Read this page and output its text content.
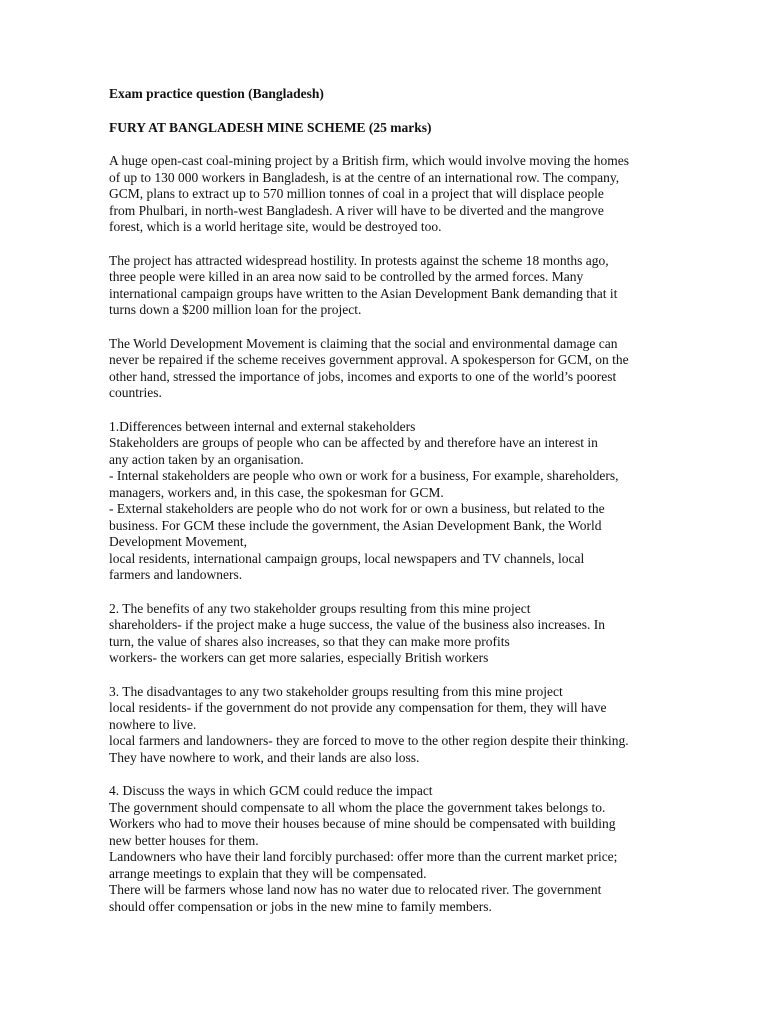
Exam practice question (Bangladesh)
FURY AT BANGLADESH MINE SCHEME (25 marks)
A huge open-cast coal-mining project by a British firm, which would involve moving the homes
of up to 130 000 workers in Bangladesh, is at the centre of an international row. The company,
GCM, plans to extract up to 570 million tonnes of coal in a project that will displace people
from Phulbari, in north-west Bangladesh. A river will have to be diverted and the mangrove
forest, which is a world heritage site, would be destroyed too.
The project has attracted widespread hostility. In protests against the scheme 18 months ago,
three people were killed in an area now said to be controlled by the armed forces. Many
international campaign groups have written to the Asian Development Bank demanding that it
turns down a $200 million loan for the project.
The World Development Movement is claiming that the social and environmental damage can
never be repaired if the scheme receives government approval. A spokesperson for GCM, on the
other hand, stressed the importance of jobs, incomes and exports to one of the world’s poorest
countries.
1.Differences between internal and external stakeholders
Stakeholders are groups of people who can be affected by and therefore have an interest in
any action taken by an organisation.
- Internal stakeholders are people who own or work for a business, For example, shareholders,
managers, workers and, in this case, the spokesman for GCM.
- External stakeholders are people who do not work for or own a business, but related to the
business. For GCM these include the government, the Asian Development Bank, the World
Development Movement,
local residents, international campaign groups, local newspapers and TV channels, local
farmers and landowners.
2. The benefits of any two stakeholder groups resulting from this mine project
shareholders- if the project make a huge success, the value of the business also increases. In
turn, the value of shares also increases, so that they can make more profits
workers- the workers can get more salaries, especially British workers
3. The disadvantages to any two stakeholder groups resulting from this mine project
local residents- if the government do not provide any compensation for them, they will have
nowhere to live.
local farmers and landowners- they are forced to move to the other region despite their thinking.
They have nowhere to work, and their lands are also loss.
4. Discuss the ways in which GCM could reduce the impact
The government should compensate to all whom the place the government takes belongs to.
Workers who had to move their houses because of mine should be compensated with building
new better houses for them.
Landowners who have their land forcibly purchased: offer more than the current market price;
arrange meetings to explain that they will be compensated.
There will be farmers whose land now has no water due to relocated river. The government
should offer compensation or jobs in the new mine to family members.
